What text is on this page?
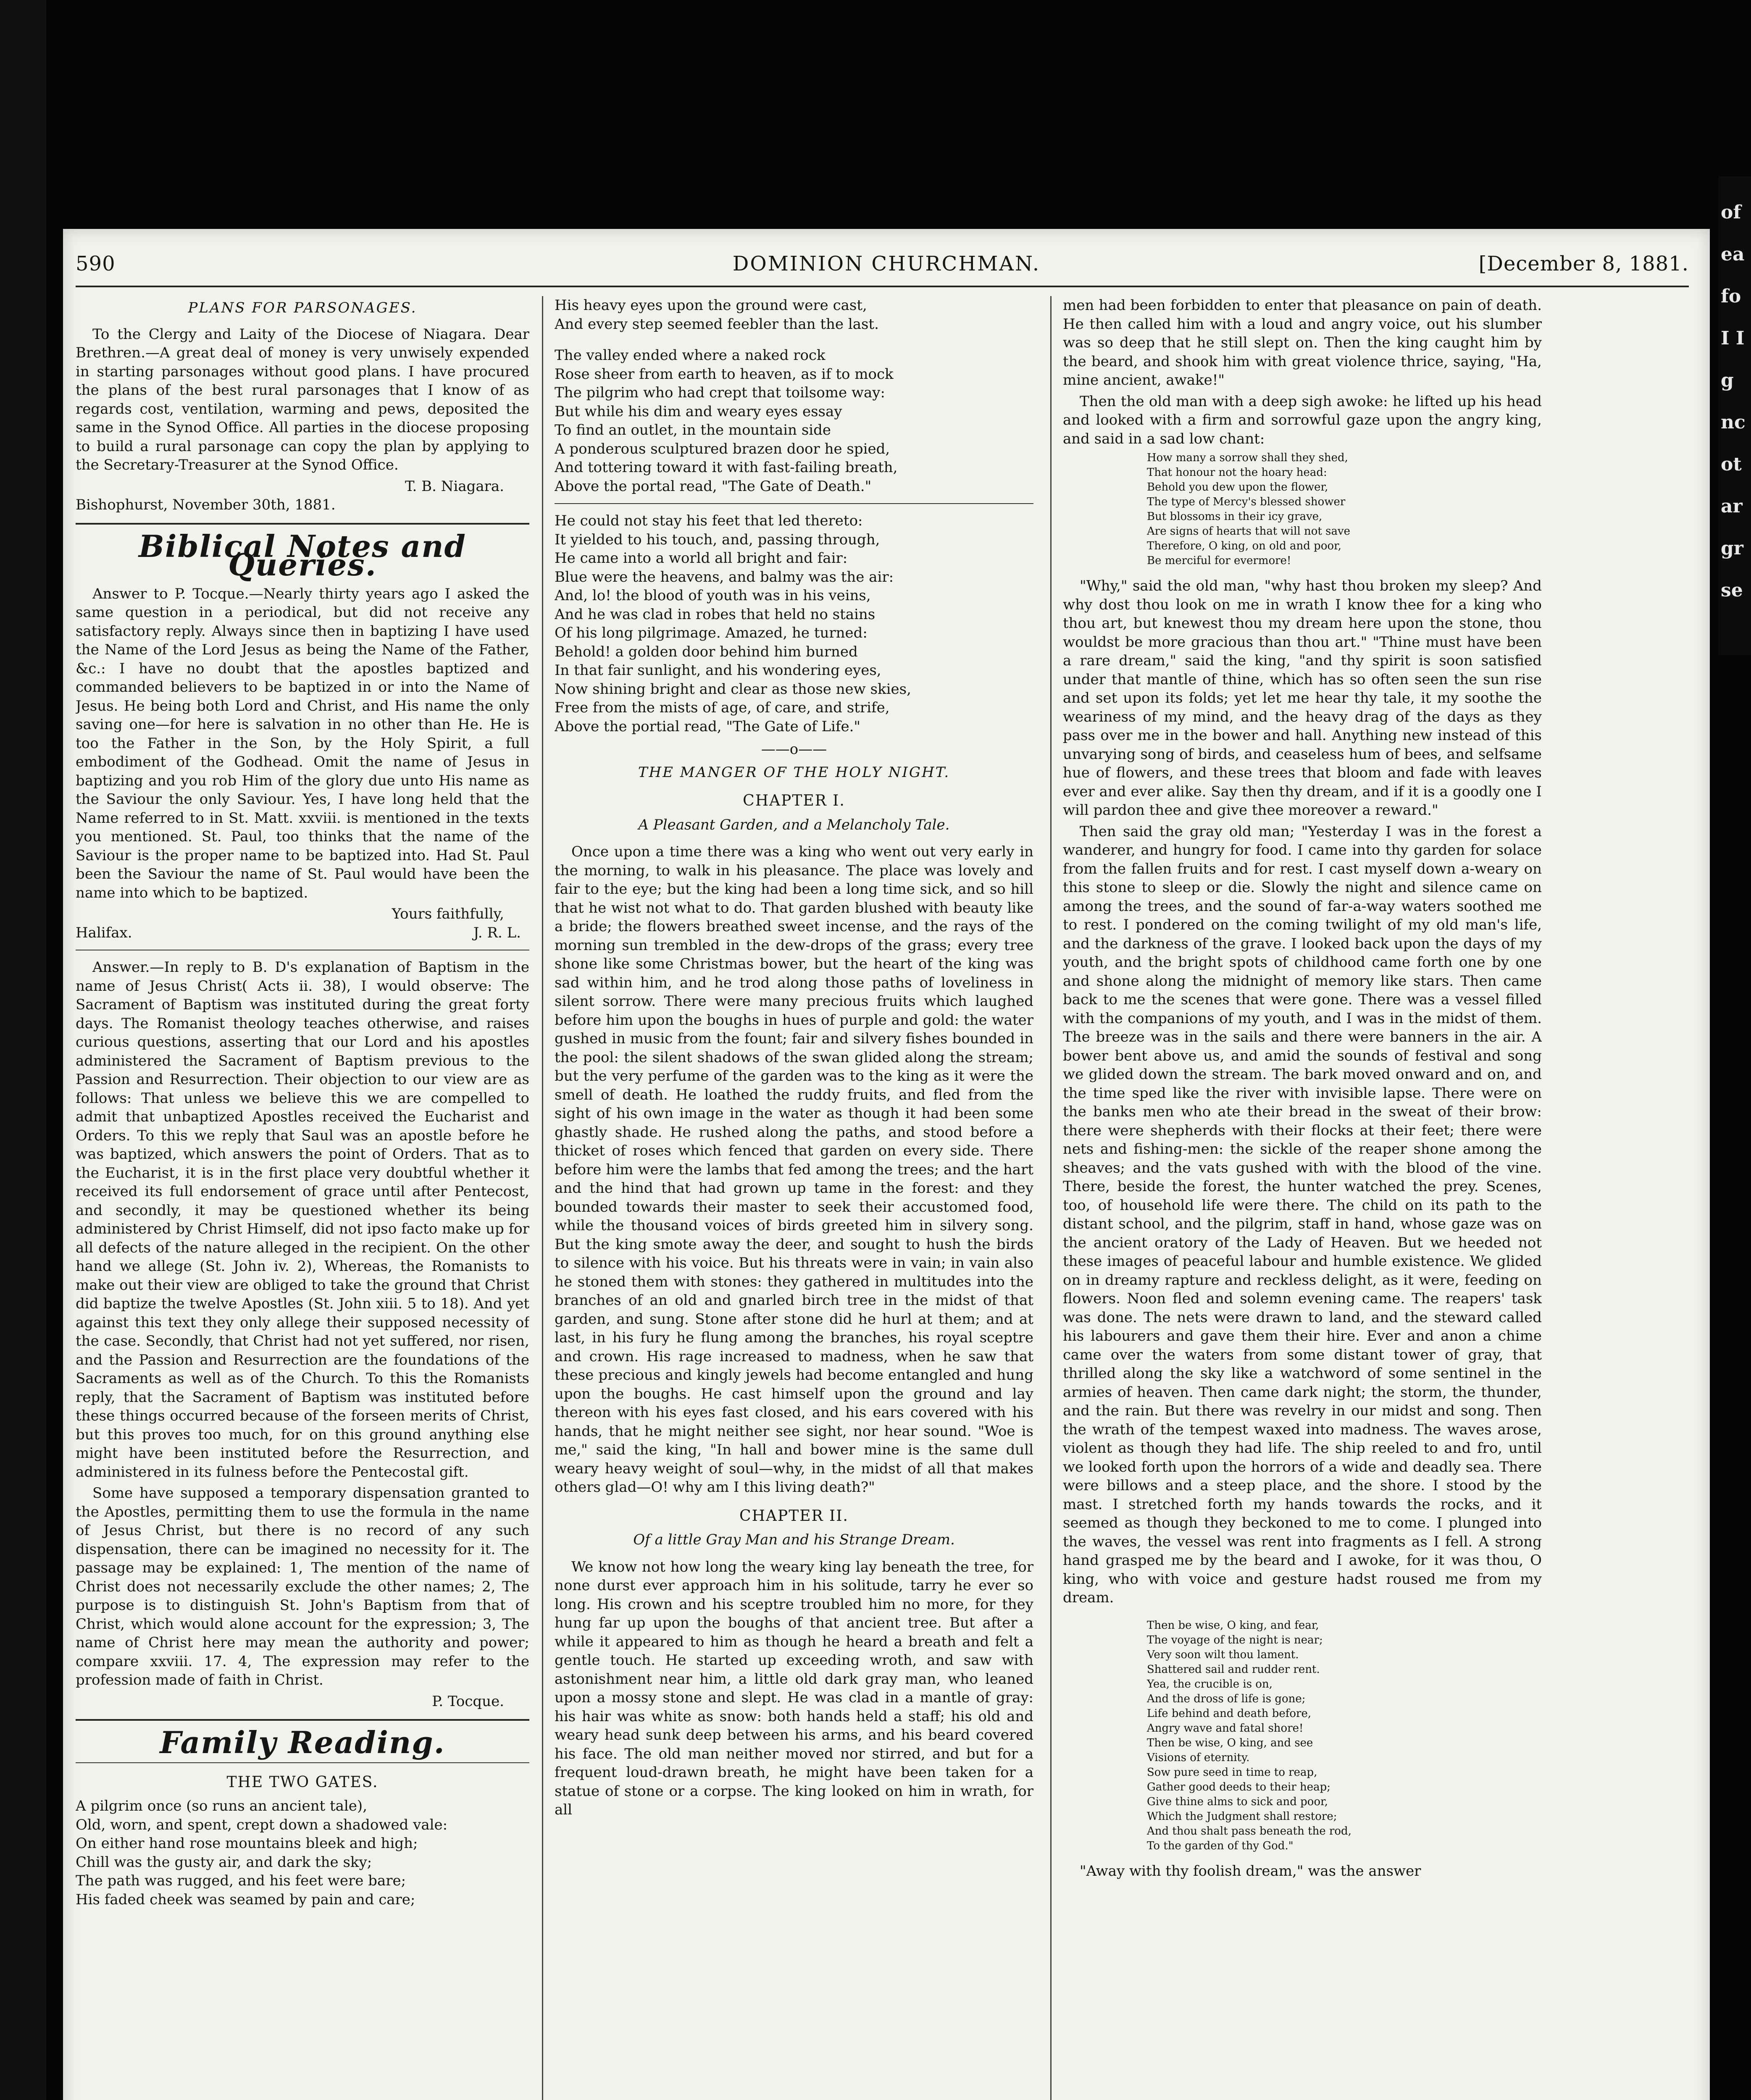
of
ea
fo
I I
g
nc
ot
ar
gr
se
590	DOMINION CHURCHMAN.	[December 8, 1881.
PLANS FOR PARSONAGES.

To the Clergy and Laity of the Diocese of Niagara. Dear Brethren.—A great deal of money is very unwisely expended in starting parsonages without good plans. I have procured the plans of the best rural parsonages that I know of as regards cost, ventilation, warming and pews, deposited the same in the Synod Office. All parties in the diocese proposing to build a rural parsonage can copy the plan by applying to the Secretary-Treasurer at the Synod Office.

T. B. Niagara.
Bishophurst, November 30th, 1881.
Biblical Notes and Queries.

Answer to P. Tocque.—Nearly thirty years ago I asked the same question in a periodical, but did not receive any satisfactory reply. Always since then in baptizing I have used the Name of the Lord Jesus as being the Name of the Father, &c.: I have no doubt that the apostles baptized and commanded believers to be baptized in or into the Name of Jesus. He being both Lord and Christ, and His name the only saving one—for here is salvation in no other than He. He is too the Father in the Son, by the Holy Spirit, a full embodiment of the Godhead. Omit the name of Jesus in baptizing and you rob Him of the glory due unto His name as the Saviour the only Saviour. Yes, I have long held that the Name referred to in St. Matt. xxviii. is mentioned in the texts you mentioned. St. Paul, too thinks that the name of the Saviour is the proper name to be baptized into. Had St. Paul been the Saviour the name of St. Paul would have been the name into which to be baptized.

Yours faithfully,
Halifax.	J. R. L.

Answer.—In reply to B. D's explanation of Baptism in the name of Jesus Christ( Acts ii. 38), I would observe: The Sacrament of Baptism was instituted during the great forty days. The Romanist theology teaches otherwise, and raises curious questions, asserting that our Lord and his apostles administered the Sacrament of Baptism previous to the Passion and Resurrection. Their objection to our view are as follows: That unless we believe this we are compelled to admit that unbaptized Apostles received the Eucharist and Orders. To this we reply that Saul was an apostle before he was baptized, which answers the point of Orders. That as to the Eucharist, it is in the first place very doubtful whether it received its full endorsement of grace until after Pentecost, and secondly, it may be questioned whether its being administered by Christ Himself, did not ipso facto make up for all defects of the nature alleged in the recipient. On the other hand we allege (St. John iv. 2), Whereas, the Romanists to make out their view are obliged to take the ground that Christ did baptize the twelve Apostles (St. John xiii. 5 to 18). And yet against this text they only allege their supposed necessity of the case. Secondly, that Christ had not yet suffered, nor risen, and the Passion and Resurrection are the foundations of the Sacraments as well as of the Church. To this the Romanists reply, that the Sacrament of Baptism was instituted before these things occurred because of the forseen merits of Christ, but this proves too much, for on this ground anything else might have been instituted before the Resurrection, and administered in its fulness before the Pentecostal gift.

Some have supposed a temporary dispensation granted to the Apostles, permitting them to use the formula in the name of Jesus Christ, but there is no record of any such dispensation, there can be imagined no necessity for it. The passage may be explained: 1, The mention of the name of Christ does not necessarily exclude the other names; 2, The purpose is to distinguish St. John's Baptism from that of Christ, which would alone account for the expression; 3, The name of Christ here may mean the authority and power; compare xxviii. 17. 4, The expression may refer to the profession made of faith in Christ.

P. Tocque.
Family Reading.
THE TWO GATES.
A pilgrim once (so runs an ancient tale),
Old, worn, and spent, crept down a shadowed vale:
On either hand rose mountains bleek and high;
Chill was the gusty air, and dark the sky;
The path was rugged, and his feet were bare;
His faded cheek was seamed by pain and care;
His heavy eyes upon the ground were cast,
And every step seemed feebler than the last.
The valley ended where a naked rock
Rose sheer from earth to heaven, as if to mock
The pilgrim who had crept that toilsome way:
But while his dim and weary eyes essay
To find an outlet, in the mountain side
A ponderous sculptured brazen door he spied,
And tottering toward it with fast-failing breath,
Above the portal read, "The Gate of Death."
He could not stay his feet that led thereto:
It yielded to his touch, and, passing through,
He came into a world all bright and fair:
Blue were the heavens, and balmy was the air:
And, lo! the blood of youth was in his veins,
And he was clad in robes that held no stains
Of his long pilgrimage. Amazed, he turned:
Behold! a golden door behind him burned
In that fair sunlight, and his wondering eyes,
Now shining bright and clear as those new skies,
Free from the mists of age, of care, and strife,
Above the portial read, "The Gate of Life."
——o——
THE MANGER OF THE HOLY NIGHT.
CHAPTER I.
A Pleasant Garden, and a Melancholy Tale.

Once upon a time there was a king who went out very early in the morning, to walk in his pleasance. The place was lovely and fair to the eye; but the king had been a long time sick, and so hill that he wist not what to do. That garden blushed with beauty like a bride; the flowers breathed sweet incense, and the rays of the morning sun trembled in the dew-drops of the grass; every tree shone like some Christmas bower, but the heart of the king was sad within him, and he trod along those paths of loveliness in silent sorrow. There were many precious fruits which laughed before him upon the boughs in hues of purple and gold: the water gushed in music from the fount; fair and silvery fishes bounded in the pool: the silent shadows of the swan glided along the stream; but the very perfume of the garden was to the king as it were the smell of death. He loathed the ruddy fruits, and fled from the sight of his own image in the water as though it had been some ghastly shade. He rushed along the paths, and stood before a thicket of roses which fenced that garden on every side. There before him were the lambs that fed among the trees; and the hart and the hind that had grown up tame in the forest: and they bounded towards their master to seek their accustomed food, while the thousand voices of birds greeted him in silvery song. But the king smote away the deer, and sought to hush the birds to silence with his voice. But his threats were in vain; in vain also he stoned them with stones: they gathered in multitudes into the branches of an old and gnarled birch tree in the midst of that garden, and sung. Stone after stone did he hurl at them; and at last, in his fury he flung among the branches, his royal sceptre and crown. His rage increased to madness, when he saw that these precious and kingly jewels had become entangled and hung upon the boughs. He cast himself upon the ground and lay thereon with his eyes fast closed, and his ears covered with his hands, that he might neither see sight, nor hear sound. "Woe is me," said the king, "In hall and bower mine is the same dull weary heavy weight of soul—why, in the midst of all that makes others glad—O! why am I this living death?"

CHAPTER II.
Of a little Gray Man and his Strange Dream.

We know not how long the weary king lay beneath the tree, for none durst ever approach him in his solitude, tarry he ever so long. His crown and his sceptre troubled him no more, for they hung far up upon the boughs of that ancient tree. But after a while it appeared to him as though he heard a breath and felt a gentle touch. He started up exceeding wroth, and saw with astonishment near him, a little old dark gray man, who leaned upon a mossy stone and slept. He was clad in a mantle of gray: his hair was white as snow: both hands held a staff; his old and weary head sunk deep between his arms, and his beard covered his face. The old man neither moved nor stirred, and but for a frequent loud-drawn breath, he might have been taken for a statue of stone or a corpse. The king looked on him in wrath, for all

men had been forbidden to enter that pleasance on pain of death. He then called him with a loud and angry voice, out his slumber was so deep that he still slept on. Then the king caught him by the beard, and shook him with great violence thrice, saying, "Ha, mine ancient, awake!"

Then the old man with a deep sigh awoke: he lifted up his head and looked with a firm and sorrowful gaze upon the angry king, and said in a sad low chant:

How many a sorrow shall they shed,
That honour not the hoary head:
Behold you dew upon the flower,
The type of Mercy's blessed shower
But blossoms in their icy grave,
Are signs of hearts that will not save
Therefore, O king, on old and poor,
Be merciful for evermore!

"Why," said the old man, "why hast thou broken my sleep? And why dost thou look on me in wrath I know thee for a king who thou art, but knewest thou my dream here upon the stone, thou wouldst be more gracious than thou art." "Thine must have been a rare dream," said the king, "and thy spirit is soon satisfied under that mantle of thine, which has so often seen the sun rise and set upon its folds; yet let me hear thy tale, it my soothe the weariness of my mind, and the heavy drag of the days as they pass over me in the bower and hall. Anything new instead of this unvarying song of birds, and ceaseless hum of bees, and selfsame hue of flowers, and these trees that bloom and fade with leaves ever and ever alike. Say then thy dream, and if it is a goodly one I will pardon thee and give thee moreover a reward."

Then said the gray old man; "Yesterday I was in the forest a wanderer, and hungry for food. I came into thy garden for solace from the fallen fruits and for rest. I cast myself down a-weary on this stone to sleep or die. Slowly the night and silence came on among the trees, and the sound of far-a-way waters soothed me to rest. I pondered on the coming twilight of my old man's life, and the darkness of the grave. I looked back upon the days of my youth, and the bright spots of childhood came forth one by one and shone along the midnight of memory like stars. Then came back to me the scenes that were gone. There was a vessel filled with the companions of my youth, and I was in the midst of them. The breeze was in the sails and there were banners in the air. A bower bent above us, and amid the sounds of festival and song we glided down the stream. The bark moved onward and on, and the time sped like the river with invisible lapse. There were on the banks men who ate their bread in the sweat of their brow: there were shepherds with their flocks at their feet; there were nets and fishing-men: the sickle of the reaper shone among the sheaves; and the vats gushed with with the blood of the vine. There, beside the forest, the hunter watched the prey. Scenes, too, of household life were there. The child on its path to the distant school, and the pilgrim, staff in hand, whose gaze was on the ancient oratory of the Lady of Heaven. But we heeded not these images of peaceful labour and humble existence. We glided on in dreamy rapture and reckless delight, as it were, feeding on flowers. Noon fled and solemn evening came. The reapers' task was done. The nets were drawn to land, and the steward called his labourers and gave them their hire. Ever and anon a chime came over the waters from some distant tower of gray, that thrilled along the sky like a watchword of some sentinel in the armies of heaven. Then came dark night; the storm, the thunder, and the rain. But there was revelry in our midst and song. Then the wrath of the tempest waxed into madness. The waves arose, violent as though they had life. The ship reeled to and fro, until we looked forth upon the horrors of a wide and deadly sea. There were billows and a steep place, and the shore. I stood by the mast. I stretched forth my hands towards the rocks, and it seemed as though they beckoned to me to come. I plunged into the waves, the vessel was rent into fragments as I fell. A strong hand grasped me by the beard and I awoke, for it was thou, O king, who with voice and gesture hadst roused me from my dream.

Then be wise, O king, and fear,
The voyage of the night is near;
Very soon wilt thou lament.
Shattered sail and rudder rent.
Yea, the crucible is on,
And the dross of life is gone;
Life behind and death before,
Angry wave and fatal shore!
Then be wise, O king, and see
Visions of eternity.
Sow pure seed in time to reap,
Gather good deeds to their heap;
Give thine alms to sick and poor,
Which the Judgment shall restore;
And thou shalt pass beneath the rod,
To the garden of thy God."

"Away with thy foolish dream," was the answer
